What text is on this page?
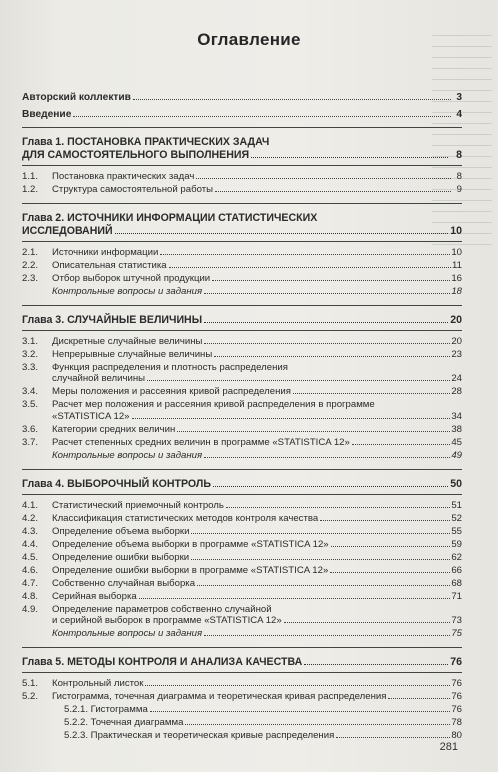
Оглавление
Авторский коллектив	3
Введение	4
Глава 1. ПОСТАНОВКА ПРАКТИЧЕСКИХ ЗАДАЧ
ДЛЯ САМОСТОЯТЕЛЬНОГО ВЫПОЛНЕНИЯ	8
1.1.	Постановка практических задач	8
1.2.	Структура самостоятельной работы	9
Глава 2. ИСТОЧНИКИ ИНФОРМАЦИИ СТАТИСТИЧЕСКИХ
ИССЛЕДОВАНИЙ	10
2.1.	Источники информации	10
2.2.	Описательная статистика	11
2.3.	Отбор выборок штучной продукции	16
Контрольные вопросы и задания	18
Глава 3. СЛУЧАЙНЫЕ ВЕЛИЧИНЫ	20
3.1.	Дискретные случайные величины	20
3.2.	Непрерывные случайные величины	23
3.3.	Функция распределения и плотность распределения
случайной величины	24
3.4.	Меры положения и рассеяния кривой распределения	28
3.5.	Расчет мер положения и рассеяния кривой распределения в программе
«STATISTICA 12»	34
3.6.	Категории средних величин	38
3.7.	Расчет степенных средних величин в программе «STATISTICA 12»	45
Контрольные вопросы и задания	49
Глава 4. ВЫБОРОЧНЫЙ КОНТРОЛЬ	50
4.1.	Статистический приемочный контроль	51
4.2.	Классификация статистических методов контроля качества	52
4.3.	Определение объема выборки	55
4.4.	Определение объема выборки в программе «STATISTICA 12»	59
4.5.	Определение ошибки выборки	62
4.6.	Определение ошибки выборки в программе «STATISTICA 12»	66
4.7.	Собственно случайная выборка	68
4.8.	Серийная выборка	71
4.9.	Определение параметров собственно случайной
и серийной выборок в программе «STATISTICA 12»	73
Контрольные вопросы и задания	75
Глава 5. МЕТОДЫ КОНТРОЛЯ И АНАЛИЗА КАЧЕСТВА	76
5.1.	Контрольный листок	76
5.2.	Гистограмма, точечная диаграмма и теоретическая кривая распределения	76
5.2.1. Гистограмма	76
5.2.2. Точечная диаграмма	78
5.2.3. Практическая и теоретическая кривые распределения	80
281
